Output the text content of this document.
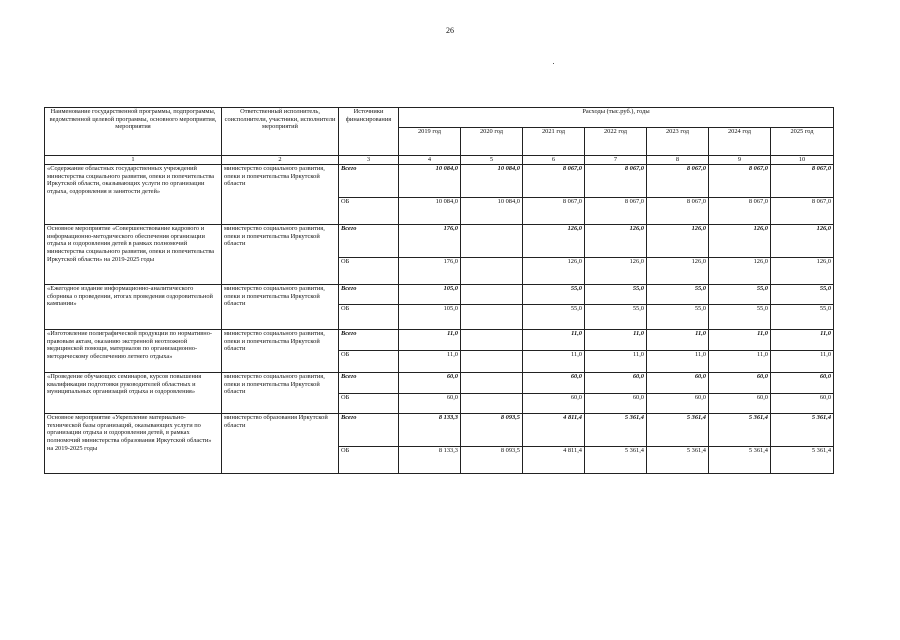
26
Наименование государственной программы, подпрограммы, ведомственной целевой программы, основного мероприятия, мероприятия	Ответственный исполнитель, соисполнители, участники, исполнители мероприятий	Источники финансирования	Расходы (тыс.руб.), годы						
			2019 год	2020 год	2021 год	2022 год	2023 год	2024 год	2025 год
1	2	3	4	5	6	7	8	9	10
«Содержание областных государственных учреждений министерства социального развития, опеки и попечительства Иркутской области, оказывающих услуги по организации отдыха, оздоровления и занятости детей»	министерство социального развития, опеки и попечительства Иркутской области	Всего	10 084,0	10 084,0	8 067,0	8 067,0	8 067,0	8 067,0	8 067,0
		ОБ	10 084,0	10 084,0	8 067,0	8 067,0	8 067,0	8 067,0	8 067,0
Основное мероприятие «Совершенствование кадрового и информационно-методического обеспечения организации отдыха и оздоровления детей в рамках полномочий министерства социального развития, опеки и попечительства Иркутской области» на 2019-2025 годы	министерство социального развития, опеки и попечительства Иркутской области	Всего	176,0		126,0	126,0	126,0	126,0	126,0
		ОБ	176,0		126,0	126,0	126,0	126,0	126,0
«Ежегодное издание информационно-аналитического сборника о проведении, итогах проведения оздоровительной кампании»	министерство социального развития, опеки и попечительства Иркутской области	Всего	105,0		55,0	55,0	55,0	55,0	55,0
		ОБ	105,0		55,0	55,0	55,0	55,0	55,0
«Изготовление полиграфической продукции по нормативно-правовым актам, оказанию экстренной неотложной медицинской помощи, материалов по организационно-методическому обеспечению летнего отдыха»	министерство социального развития, опеки и попечительства Иркутской области	Всего	11,0		11,0	11,0	11,0	11,0	11,0
		ОБ	11,0		11,0	11,0	11,0	11,0	11,0
«Проведение обучающих семинаров, курсов повышения квалификации подготовки руководителей областных и муниципальных организаций отдыха и оздоровления»	министерство социального развития, опеки и попечительства Иркутской области	Всего	60,0		60,0	60,0	60,0	60,0	60,0
		ОБ	60,0		60,0	60,0	60,0	60,0	60,0
Основное мероприятие «Укрепление материально-технической базы организаций, оказывающих услуги по организации отдыха и оздоровления детей, в рамках полномочий министерства образования Иркутской области» на 2019-2025 годы	министерство образования Иркутской области	Всего	8 133,3	8 093,5	4 811,4	5 361,4	5 361,4	5 361,4	5 361,4
		ОБ	8 133,3	8 093,5	4 811,4	5 361,4	5 361,4	5 361,4	5 361,4
